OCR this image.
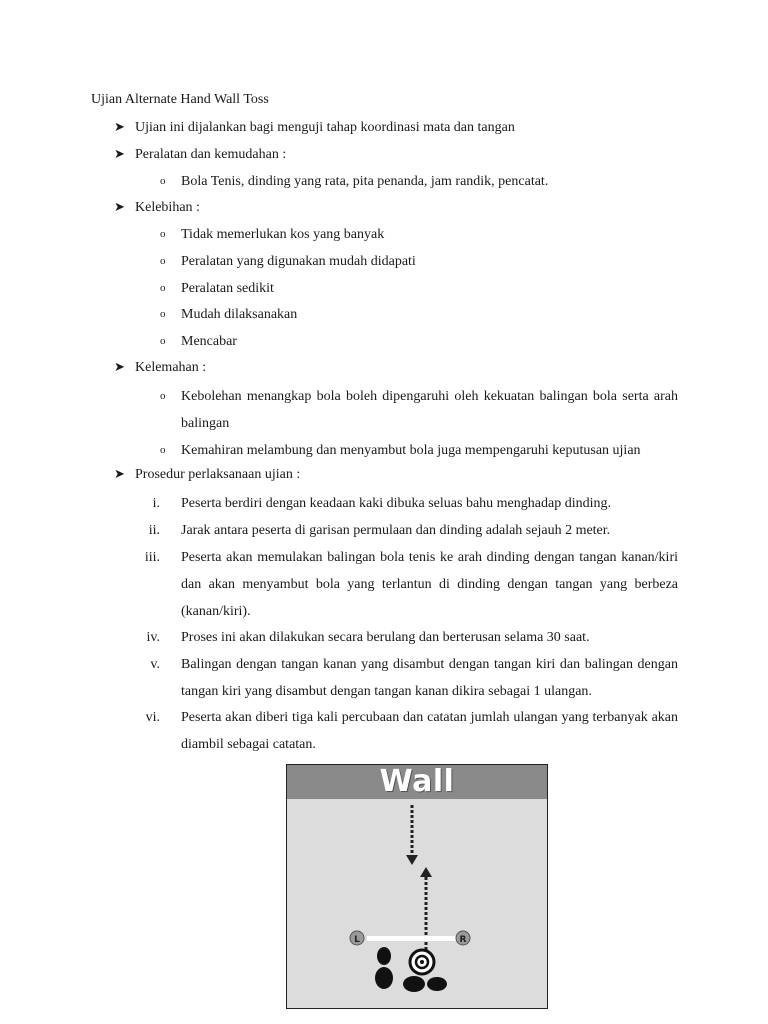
Ujian Alternate Hand Wall Toss
➤ Ujian ini dijalankan bagi menguji tahap koordinasi mata dan tangan
➤ Peralatan dan kemudahan :
o Bola Tenis, dinding yang rata, pita penanda, jam randik, pencatat.
➤ Kelebihan :
o Tidak memerlukan kos yang banyak
o Peralatan yang digunakan mudah didapati
o Peralatan sedikit
o Mudah dilaksanakan
o Mencabar
➤ Kelemahan :
o Kebolehan menangkap bola boleh dipengaruhi oleh kekuatan balingan bola serta arah balingan
o Kemahiran melambung dan menyambut bola juga mempengaruhi keputusan ujian
➤ Prosedur perlaksanaan ujian :
i. Peserta berdiri dengan keadaan kaki dibuka seluas bahu menghadap dinding.
ii. Jarak antara peserta di garisan permulaan dan dinding adalah sejauh 2 meter.
iii. Peserta akan memulakan balingan bola tenis ke arah dinding dengan tangan kanan/kiri dan akan menyambut bola yang terlantun di dinding dengan tangan yang berbeza (kanan/kiri).
iv. Proses ini akan dilakukan secara berulang dan berterusan selama 30 saat.
v. Balingan dengan tangan kanan yang disambut dengan tangan kiri dan balingan dengan tangan kiri yang disambut dengan tangan kanan dikira sebagai 1 ulangan.
vi. Peserta akan diberi tiga kali percubaan dan catatan jumlah ulangan yang terbanyak akan diambil sebagai catatan.
Wall
L	R
